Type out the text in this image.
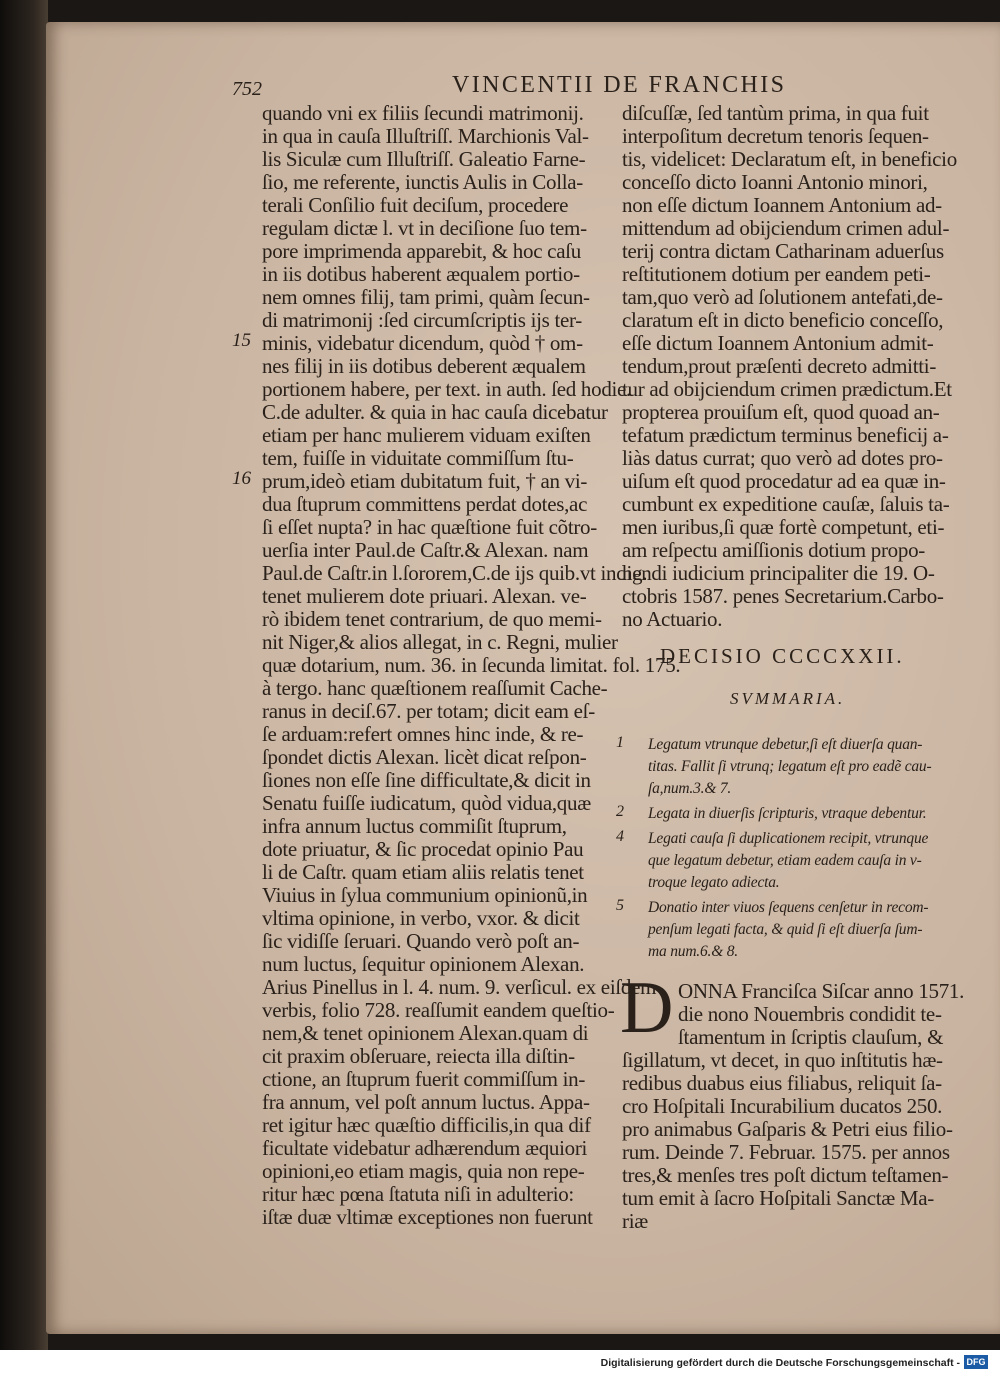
752	VINCENTII DE FRANCHIS
quando vni ex filiis ſecundi matrimonij.
in qua in cauſa Illuſtriſſ. Marchionis Val-
lis Siculæ cum Illuſtriſſ. Galeatio Farne-
ſio, me referente, iunctis Aulis in Colla-
terali Conſilio fuit deciſum, procedere
regulam dictæ l. vt in deciſione ſuo tem-
pore imprimenda apparebit, & hoc caſu
in iis dotibus haberent æqualem portio-
nem omnes filij, tam primi, quàm ſecun-
di matrimonij :ſed circumſcriptis ijs ter-
minis, videbatur dicendum, quòd † om-
nes filij in iis dotibus deberent æqualem
portionem habere, per text. in auth. ſed hodie.
C.de adulter. & quia in hac cauſa dicebatur
etiam per hanc mulierem viduam exiſten
tem, fuiſſe in viduitate commiſſum ſtu-
prum,ideò etiam dubitatum fuit, † an vi-
dua ſtuprum committens perdat dotes,ac
ſi eſſet nupta? in hac quæſtione fuit cõtro-
uerſia inter Paul.de Caſtr.& Alexan. nam
Paul.de Caſtr.in l.ſororem,C.de ijs quib.vt indig.
tenet mulierem dote priuari. Alexan. ve-
rò ibidem tenet contrarium, de quo memi-
nit Niger,& alios allegat, in c. Regni, mulier
quæ dotarium, num. 36. in ſecunda limitat. fol. 175.
à tergo. hanc quæſtionem reaſſumit Cache-
ranus in deciſ.67. per totam; dicit eam eſ-
ſe arduam:refert omnes hinc inde, & re-
ſpondet dictis Alexan. licèt dicat reſpon-
ſiones non eſſe ſine difficultate,& dicit in
Senatu fuiſſe iudicatum, quòd vidua,quæ
infra annum luctus commiſit ſtuprum,
dote priuatur, & ſic procedat opinio Pau
li de Caſtr. quam etiam aliis relatis tenet
Viuius in ſylua communium opinionũ,in
vltima opinione, in verbo, vxor. & dicit
ſic vidiſſe ſeruari. Quando verò poſt an-
num luctus, ſequitur opinionem Alexan.
Arius Pinellus in l. 4. num. 9. verſicul. ex eiſdem
verbis, folio 728. reaſſumit eandem queſtio-
nem,& tenet opinionem Alexan.quam di
cit praxim obſeruare, reiecta illa diſtin-
ctione, an ſtuprum fuerit commiſſum in-
fra annum, vel poſt annum luctus. Appa-
ret igitur hæc quæſtio difficilis,in qua dif
ficultate videbatur adhærendum æquiori
opinioni,eo etiam magis, quia non repe-
ritur hæc pœna ſtatuta niſi in adulterio:
iſtæ duæ vltimæ exceptiones non fuerunt
15
16
diſcuſſæ, ſed tantùm prima, in qua fuit
interpoſitum decretum tenoris ſequen-
tis, videlicet: Declaratum eſt, in beneficio
conceſſo dicto Ioanni Antonio minori,
non eſſe dictum Ioannem Antonium ad-
mittendum ad obijciendum crimen adul-
terij contra dictam Catharinam aduerſus
reſtitutionem dotium per eandem peti-
tam,quo verò ad ſolutionem antefati,de-
claratum eſt in dicto beneficio conceſſo,
eſſe dictum Ioannem Antonium admit-
tendum,prout præſenti decreto admitti-
tur ad obijciendum crimen prædictum.Et
propterea prouiſum eſt, quod quoad an-
tefatum prædictum terminus beneficij a-
liàs datus currat; quo verò ad dotes pro-
uiſum eſt quod procedatur ad ea quæ in-
cumbunt ex expeditione cauſæ, ſaluis ta-
men iuribus,ſi quæ fortè competunt, eti-
am reſpectu amiſſionis dotium propo-
nendi iudicium principaliter die 19. O-
ctobris 1587. penes Secretarium.Carbo-
no Actuario.
DECISIO CCCCXXII.
SVMMARIA.
1 Legatum vtrunque debetur,ſi eſt diuerſa quan-
titas. Fallit ſi vtrunq; legatum eſt pro eadẽ cau-
ſa,num.3.& 7.
2 Legata in diuerſis ſcripturis, vtraque debentur.
4 Legati cauſa ſi duplicationem recipit, vtrunque
que legatum debetur, etiam eadem cauſa in v-
troque legato adiecta.
5 Donatio inter viuos ſequens cenſetur in recom-
penſum legati facta, & quid ſi eſt diuerſa ſum-
ma num.6.& 8.
D ONNA Franciſca Siſcar anno 1571.
die nono Nouembris condidit te-
ſtamentum in ſcriptis clauſum, &
ſigillatum, vt decet, in quo inſtitutis hæ-
redibus duabus eius filiabus, reliquit ſa-
cro Hoſpitali Incurabilium ducatos 250.
pro animabus Gaſparis & Petri eius filio-
rum. Deinde 7. Februar. 1575. per annos
tres,& menſes tres poſt dictum teſtamen-
tum emit à ſacro Hoſpitali Sanctæ Ma-
riæ
Digitalisierung gefördert durch die Deutsche Forschungsgemeinschaft - DFG
